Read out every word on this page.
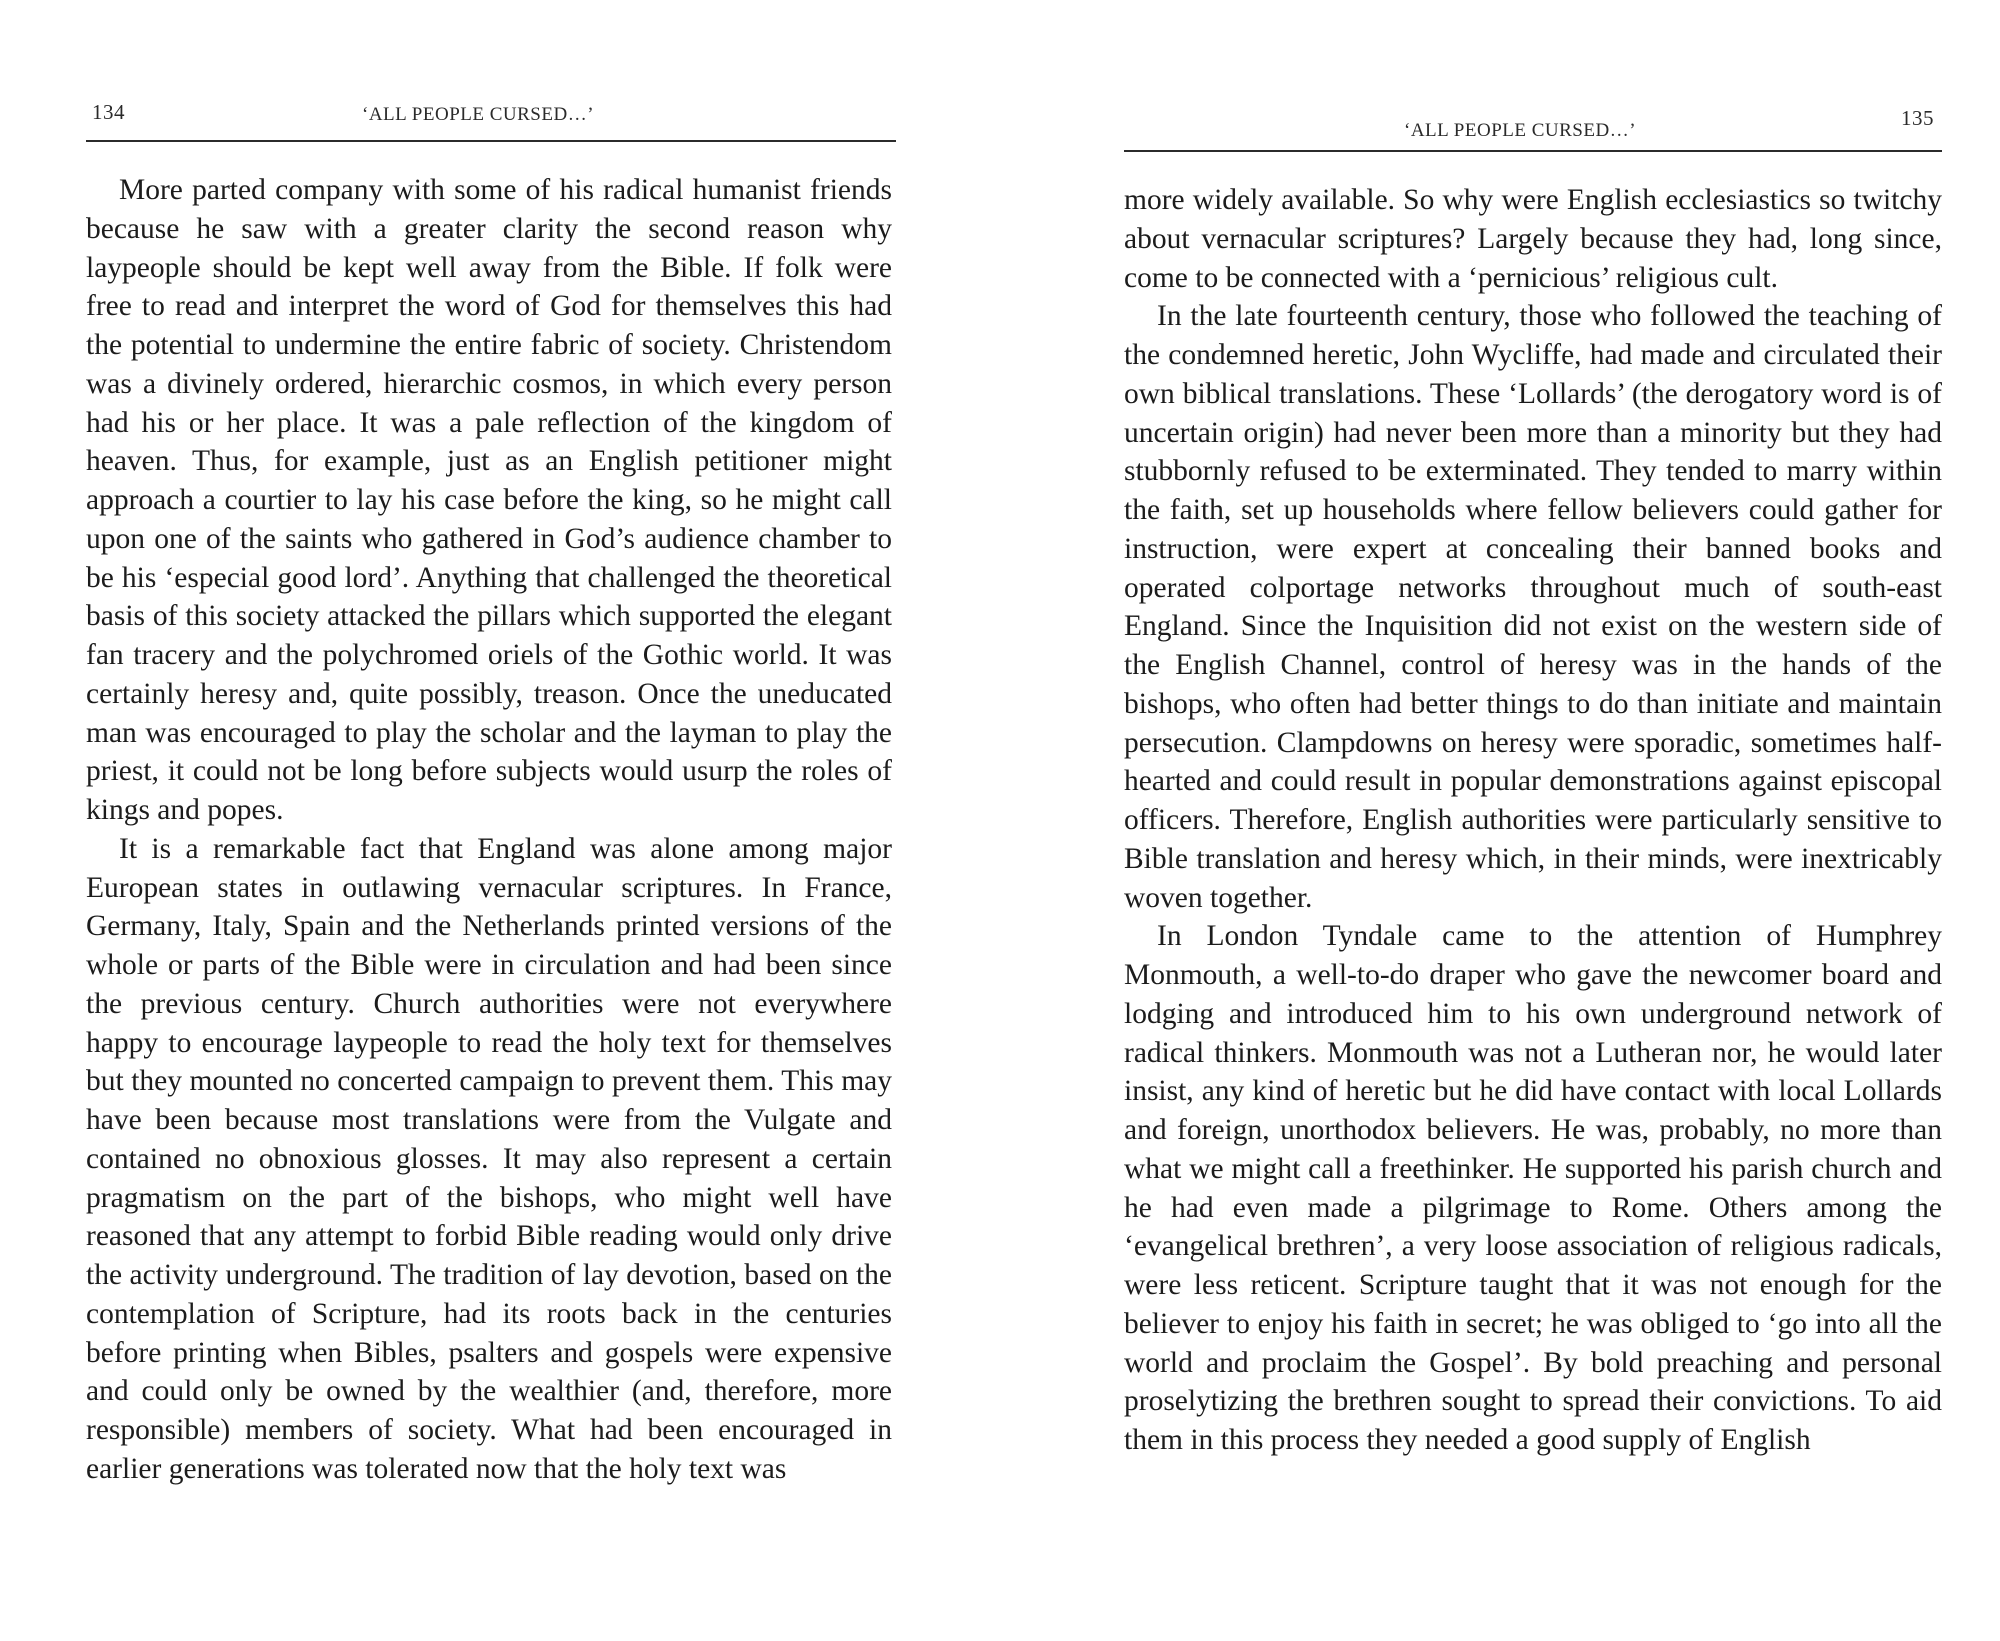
134	‘ALL PEOPLE CURSED…’

More parted company with some of his radical humanist friends because he saw with a greater clarity the second reason why laypeople should be kept well away from the Bible. If folk were free to read and interpret the word of God for themselves this had the potential to undermine the entire fabric of society. Christendom was a divinely ordered, hierarchic cosmos, in which every person had his or her place. It was a pale reflection of the kingdom of heaven. Thus, for example, just as an English petitioner might approach a courtier to lay his case before the king, so he might call upon one of the saints who gathered in God’s audience chamber to be his ‘especial good lord’. Anything that challenged the theoretical basis of this society attacked the pillars which supported the elegant fan tracery and the polychromed oriels of the Gothic world. It was certainly heresy and, quite possibly, treason. Once the uneducated man was encouraged to play the scholar and the layman to play the priest, it could not be long before subjects would usurp the roles of kings and popes.

It is a remarkable fact that England was alone among major European states in outlawing vernacular scriptures. In France, Germany, Italy, Spain and the Netherlands printed versions of the whole or parts of the Bible were in circulation and had been since the previous century. Church authorities were not everywhere happy to encourage laypeople to read the holy text for themselves but they mounted no concerted campaign to prevent them. This may have been because most translations were from the Vulgate and contained no obnoxious glosses. It may also represent a certain pragmatism on the part of the bishops, who might well have reasoned that any attempt to forbid Bible reading would only drive the activity underground. The tradition of lay devotion, based on the contemplation of Scripture, had its roots back in the centuries before printing when Bibles, psalters and gospels were expensive and could only be owned by the wealthier (and, therefore, more responsible) members of society. What had been encouraged in earlier generations was tolerated now that the holy text was

‘ALL PEOPLE CURSED…’
135

more widely available. So why were English ecclesiastics so twitchy about vernacular scriptures? Largely because they had, long since, come to be connected with a ‘pernicious’ religious cult.

In the late fourteenth century, those who followed the teaching of the condemned heretic, John Wycliffe, had made and circulated their own biblical translations. These ‘Lollards’ (the derogatory word is of uncertain origin) had never been more than a minority but they had stubbornly refused to be exterminated. They tended to marry within the faith, set up households where fellow believers could gather for instruction, were expert at concealing their banned books and operated colportage networks throughout much of south-east England. Since the Inquisition did not exist on the western side of the English Channel, control of heresy was in the hands of the bishops, who often had better things to do than initiate and maintain persecution. Clampdowns on heresy were sporadic, sometimes half-hearted and could result in popular demonstrations against episcopal officers. Therefore, English authorities were particularly sensitive to Bible translation and heresy which, in their minds, were inextricably woven together.

In London Tyndale came to the attention of Humphrey Monmouth, a well-to-do draper who gave the newcomer board and lodging and introduced him to his own underground network of radical thinkers. Monmouth was not a Lutheran nor, he would later insist, any kind of heretic but he did have contact with local Lollards and foreign, unorthodox believers. He was, probably, no more than what we might call a freethinker. He supported his parish church and he had even made a pilgrimage to Rome. Others among the ‘evangelical brethren’, a very loose association of religious radicals, were less reticent. Scripture taught that it was not enough for the believer to enjoy his faith in secret; he was obliged to ‘go into all the world and proclaim the Gospel’. By bold preaching and personal proselytizing the brethren sought to spread their convictions. To aid them in this process they needed a good supply of English
